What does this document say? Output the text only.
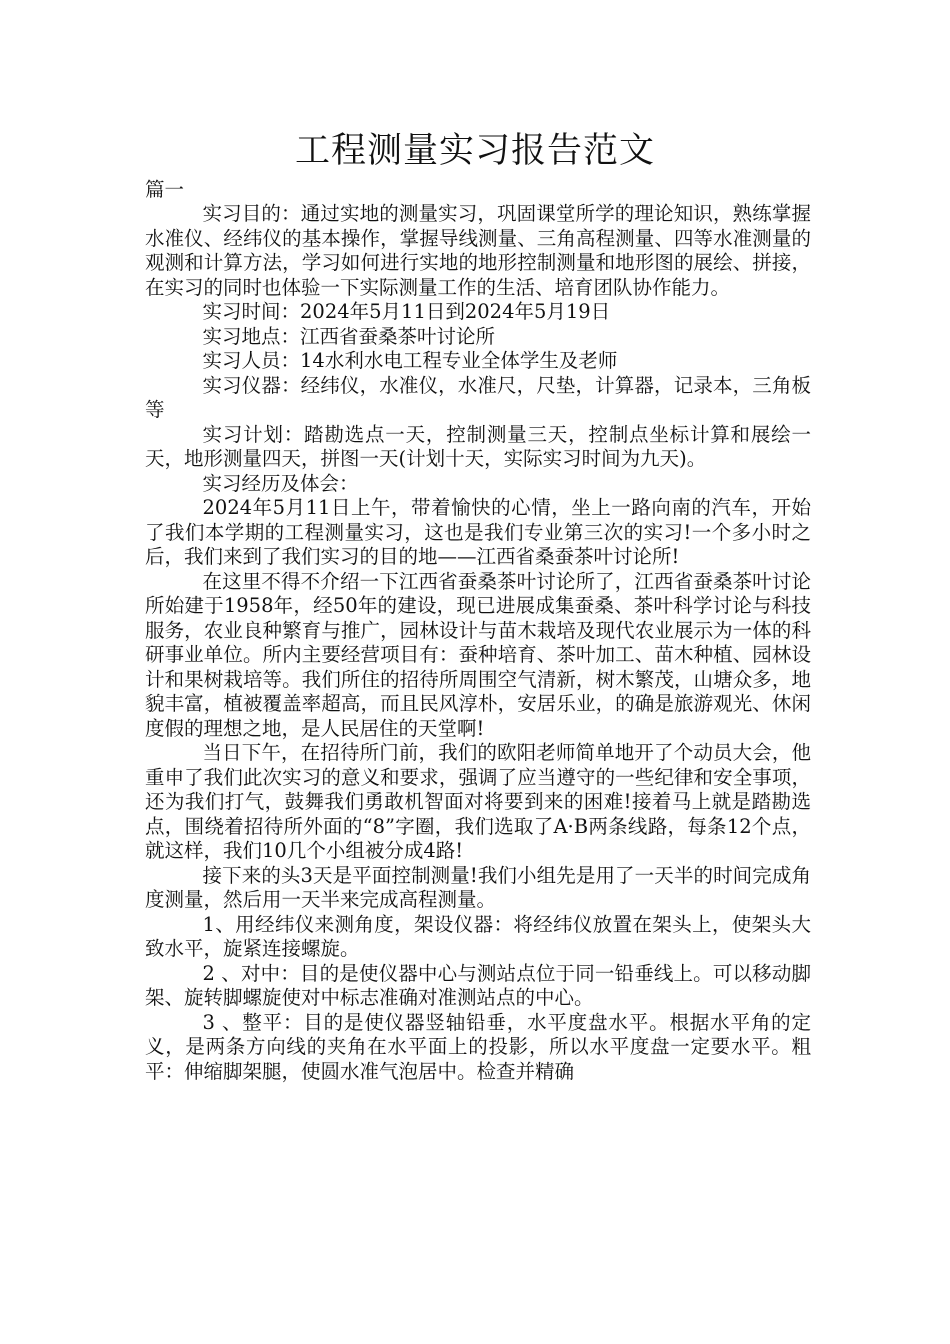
工程测量实习报告范文
篇一

实习目的：通过实地的测量实习，巩固课堂所学的理论知识，熟练掌握水准仪、经纬仪的基本操作，掌握导线测量、三角高程测量、四等水准测量的观测和计算方法，学习如何进行实地的地形控制测量和地形图的展绘、拼接，在实习的同时也体验一下实际测量工作的生活、培育团队协作能力。

实习时间：2024年5月11日到2024年5月19日

实习地点：江西省蚕桑茶叶讨论所

实习人员：14水利水电工程专业全体学生及老师

实习仪器：经纬仪，水准仪，水准尺，尺垫，计算器，记录本，三角板等

实习计划：踏勘选点一天，控制测量三天，控制点坐标计算和展绘一天，地形测量四天，拼图一天(计划十天，实际实习时间为九天)。

实习经历及体会：

2024年5月11日上午，带着愉快的心情，坐上一路向南的汽车，开始了我们本学期的工程测量实习，这也是我们专业第三次的实习!一个多小时之后，我们来到了我们实习的目的地——江西省桑蚕茶叶讨论所!

在这里不得不介绍一下江西省蚕桑茶叶讨论所了，江西省蚕桑茶叶讨论所始建于1958年，经50年的建设，现已进展成集蚕桑、茶叶科学讨论与科技服务，农业良种繁育与推广，园林设计与苗木栽培及现代农业展示为一体的科研事业单位。所内主要经营项目有：蚕种培育、茶叶加工、苗木种植、园林设计和果树栽培等。我们所住的招待所周围空气清新，树木繁茂，山塘众多，地貌丰富，植被覆盖率超高，而且民风淳朴，安居乐业，的确是旅游观光、休闲度假的理想之地，是人民居住的天堂啊!

当日下午，在招待所门前，我们的欧阳老师简单地开了个动员大会，他重申了我们此次实习的意义和要求，强调了应当遵守的一些纪律和安全事项，还为我们打气，鼓舞我们勇敢机智面对将要到来的困难!接着马上就是踏勘选点，围绕着招待所外面的“8”字圈，我们选取了A·B两条线路，每条12个点，就这样，我们10几个小组被分成4路!

接下来的头3天是平面控制测量!我们小组先是用了一天半的时间完成角度测量，然后用一天半来完成高程测量。

1、用经纬仪来测角度，架设仪器：将经纬仪放置在架头上，使架头大致水平，旋紧连接螺旋。

2 、对中：目的是使仪器中心与测站点位于同一铅垂线上。可以移动脚架、旋转脚螺旋使对中标志准确对准测站点的中心。

3 、整平：目的是使仪器竖轴铅垂，水平度盘水平。根据水平角的定义，是两条方向线的夹角在水平面上的投影，所以水平度盘一定要水平。粗平：伸缩脚架腿，使圆水准气泡居中。检查并精确
